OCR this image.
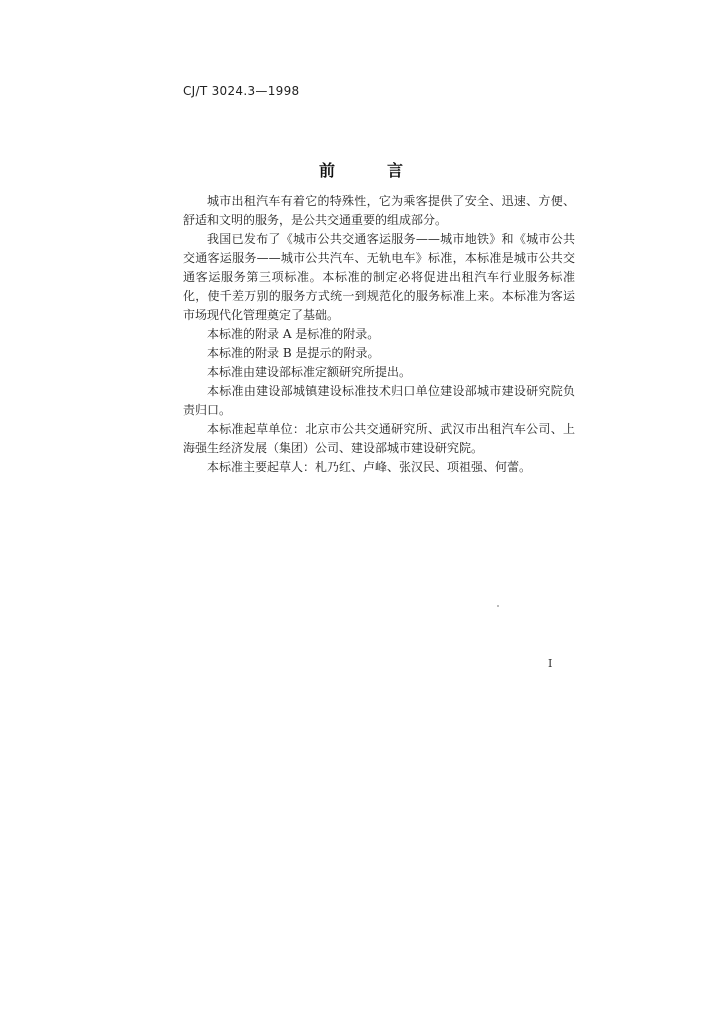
CJ/T 3024.3—1998
前	言

城市出租汽车有着它的特殊性，它为乘客提供了安全、迅速、方便、舒适和文明的服务，是公共交通重要的组成部分。

我国已发布了《城市公共交通客运服务——城市地铁》和《城市公共交通客运服务——城市公共汽车、无轨电车》标准，本标准是城市公共交通客运服务第三项标准。本标准的制定必将促进出租汽车行业服务标准化，使千差万别的服务方式统一到规范化的服务标准上来。本标准为客运市场现代化管理奠定了基础。

本标准的附录 A 是标准的附录。

本标准的附录 B 是提示的附录。

本标准由建设部标准定额研究所提出。

本标准由建设部城镇建设标准技术归口单位建设部城市建设研究院负责归口。

本标准起草单位：北京市公共交通研究所、武汉市出租汽车公司、上海强生经济发展（集团）公司、建设部城市建设研究院。

本标准主要起草人：札乃红、卢峰、张汉民、项祖强、何蕾。

I
